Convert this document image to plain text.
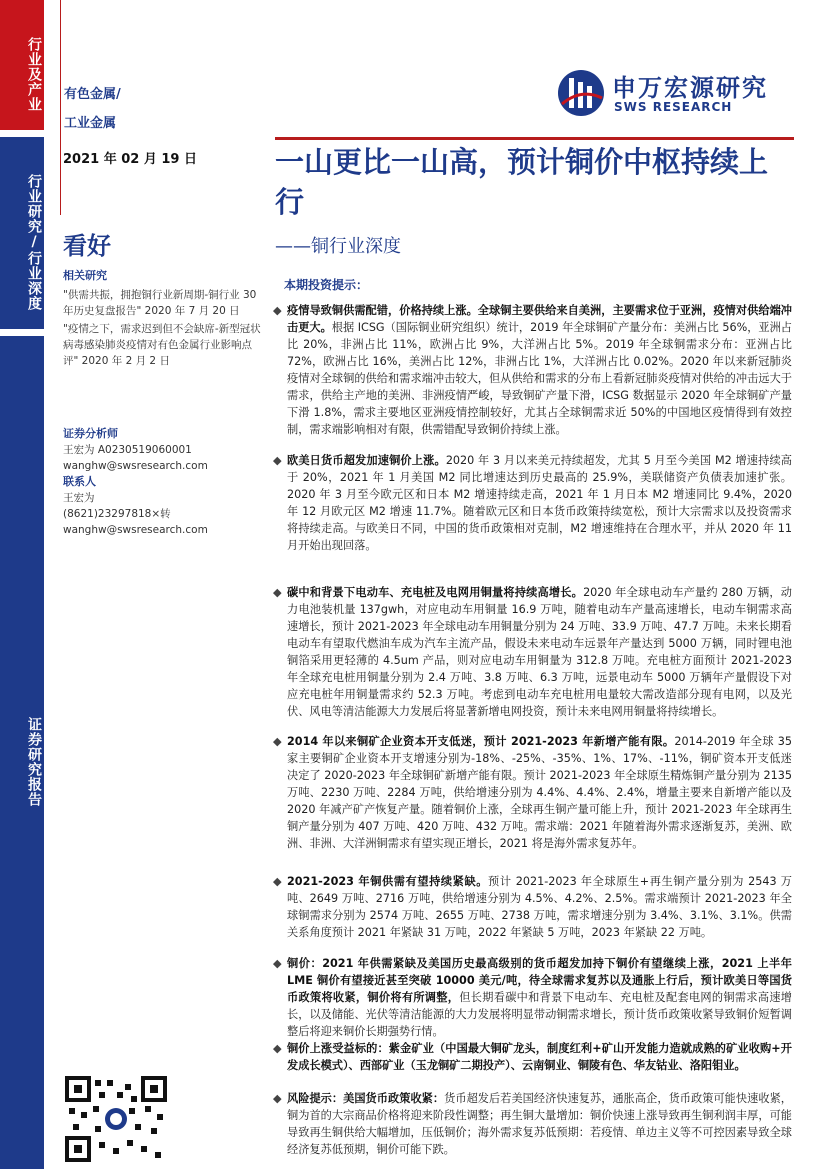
行业及产业
行业研究/行业深度
证券研究报告
有色金属/
工业金属
申万宏源研究
SWS RESEARCH
2021 年 02 月 19 日	一山更比一山高，预计铜价中枢持续上行
——铜行业深度
看好
相关研究
"供需共振，拥抱铜行业新周期-铜行业 30 年历史复盘报告" 2020 年 7 月 20 日
"疫情之下，需求迟到但不会缺席-新型冠状病毒感染肺炎疫情对有色金属行业影响点评" 2020 年 2 月 2 日
证券分析师
王宏为 A0230519060001
wanghw@swsresearch.com
联系人
王宏为
(8621)23297818×转
wanghw@swsresearch.com
本期投资提示：
◆ 疫情导致铜供需配错，价格持续上涨。全球铜主要供给来自美洲，主要需求位于亚洲，疫情对供给端冲击更大。根据 ICSG（国际铜业研究组织）统计，2019 年全球铜矿产量分布：美洲占比 56%，亚洲占比 20%，非洲占比 11%，欧洲占比 9%，大洋洲占比 5%。2019 年全球铜需求分布：亚洲占比 72%，欧洲占比 16%，美洲占比 12%，非洲占比 1%，大洋洲占比 0.02%。2020 年以来新冠肺炎疫情对全球铜的供给和需求端冲击较大，但从供给和需求的分布上看新冠肺炎疫情对供给的冲击远大于需求，供给主产地的美洲、非洲疫情严峻，导致铜矿产量下滑，ICSG 数据显示 2020 年全球铜矿产量下滑 1.8%，需求主要地区亚洲疫情控制较好，尤其占全球铜需求近 50%的中国地区疫情得到有效控制，需求端影响相对有限，供需错配导致铜价持续上涨。
◆ 欧美日货币超发加速铜价上涨。2020 年 3 月以来美元持续超发，尤其 5 月至今美国 M2 增速持续高于 20%，2021 年 1 月美国 M2 同比增速达到历史最高的 25.9%，美联储资产负债表加速扩张。2020 年 3 月至今欧元区和日本 M2 增速持续走高，2021 年 1 月日本 M2 增速同比 9.4%，2020 年 12 月欧元区 M2 增速 11.7%。随着欧元区和日本货币政策持续宽松，预计大宗需求以及投资需求将持续走高。与欧美日不同，中国的货币政策相对克制，M2 增速维持在合理水平，并从 2020 年 11 月开始出现回落。
◆ 碳中和背景下电动车、充电桩及电网用铜量将持续高增长。2020 年全球电动车产量约 280 万辆，动力电池装机量 137gwh，对应电动车用铜量 16.9 万吨，随着电动车产量高速增长，电动车铜需求高速增长，预计 2021-2023 年全球电动车用铜量分别为 24 万吨、33.9 万吨、47.7 万吨。未来长期看电动车有望取代燃油车成为汽车主流产品，假设未来电动车远景年产量达到 5000 万辆，同时锂电池铜箔采用更轻薄的 4.5um 产品，则对应电动车用铜量为 312.8 万吨。充电桩方面预计 2021-2023 年全球充电桩用铜量分别为 2.4 万吨、3.8 万吨、6.3 万吨，远景电动车 5000 万辆年产量假设下对应充电桩年用铜量需求约 52.3 万吨。考虑到电动车充电桩用电量较大需改造部分现有电网，以及光伏、风电等清洁能源大力发展后将显著新增电网投资，预计未来电网用铜量将持续增长。
◆ 2014 年以来铜矿企业资本开支低迷，预计 2021-2023 年新增产能有限。2014-2019 年全球 35 家主要铜矿企业资本开支增速分别为-18%、-25%、-35%、1%、17%、-11%，铜矿资本开支低迷决定了 2020-2023 年全球铜矿新增产能有限。预计 2021-2023 年全球原生精炼铜产量分别为 2135 万吨、2230 万吨、2284 万吨，供给增速分别为 4.4%、4.4%、2.4%，增量主要来自新增产能以及 2020 年减产矿产恢复产量。随着铜价上涨，全球再生铜产量可能上升，预计 2021-2023 年全球再生铜产量分别为 407 万吨、420 万吨、432 万吨。需求端：2021 年随着海外需求逐渐复苏，美洲、欧洲、非洲、大洋洲铜需求有望实现正增长，2021 将是海外需求复苏年。
◆ 2021-2023 年铜供需有望持续紧缺。预计 2021-2023 年全球原生+再生铜产量分别为 2543 万吨、2649 万吨、2716 万吨，供给增速分别为 4.5%、4.2%、2.5%。需求端预计 2021-2023 年全球铜需求分别为 2574 万吨、2655 万吨、2738 万吨，需求增速分别为 3.4%、3.1%、3.1%。供需关系角度预计 2021 年紧缺 31 万吨，2022 年紧缺 5 万吨，2023 年紧缺 22 万吨。
◆ 铜价：2021 年供需紧缺及美国历史最高级别的货币超发加持下铜价有望继续上涨，2021 上半年 LME 铜价有望接近甚至突破 10000 美元/吨，待全球需求复苏以及通胀上行后，预计欧美日等国货币政策将收紧，铜价将有所调整，但长期看碳中和背景下电动车、充电桩及配套电网的铜需求高速增长，以及储能、光伏等清洁能源的大力发展将明显带动铜需求增长，预计货币政策收紧导致铜价短暂调整后将迎来铜价长期强势行情。
◆ 铜价上涨受益标的：紫金矿业（中国最大铜矿龙头，制度红利+矿山开发能力造就成熟的矿业收购+开发成长模式）、西部矿业（玉龙铜矿二期投产）、云南铜业、铜陵有色、华友钴业、洛阳钼业。
◆ 风险提示：美国货币政策收紧：货币超发后若美国经济快速复苏，通胀高企，货币政策可能快速收紧，铜为首的大宗商品价格将迎来阶段性调整；再生铜大量增加：铜价快速上涨导致再生铜利润丰厚，可能导致再生铜供给大幅增加，压低铜价；海外需求复苏低预期：若疫情、单边主义等不可控因素导致全球经济复苏低预期，铜价可能下跌。
